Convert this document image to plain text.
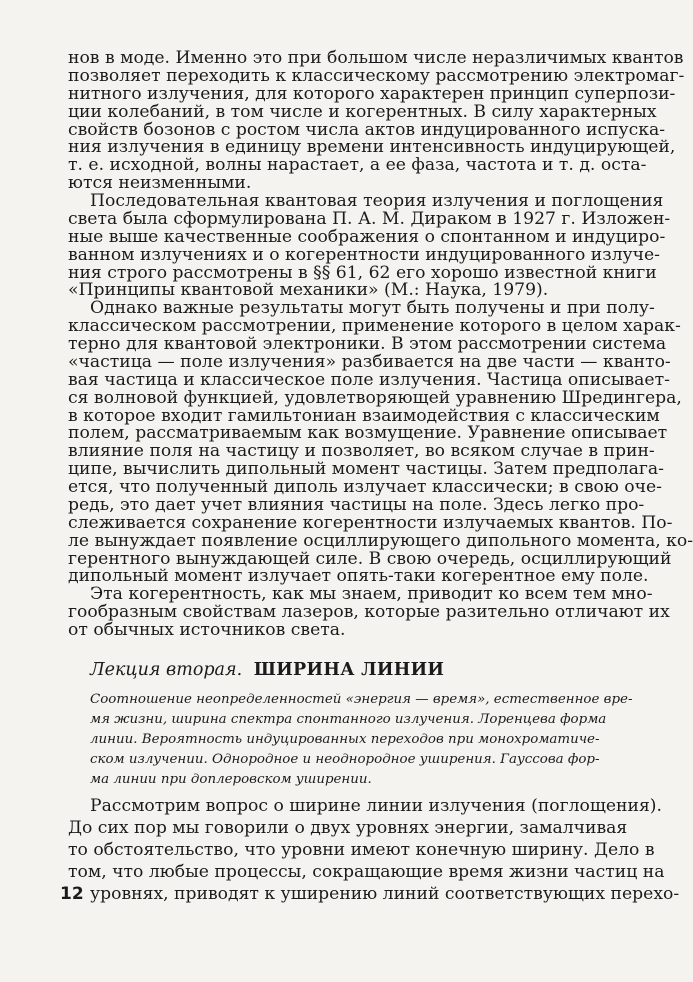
нов в моде. Именно это при большом числе неразличимых квантов
позволяет переходить к классическому рассмотрению электромаг-
нитного излучения, для которого характерен принцип суперпози-
ции колебаний, в том числе и когерентных. В силу характерных
свойств бозонов с ростом числа актов индуцированного испуска-
ния излучения в единицу времени интенсивность индуцирующей,
т. е. исходной, волны нарастает, а ее фаза, частота и т. д. оста-
ются неизменными.
Последовательная квантовая теория излучения и поглощения
света была сформулирована П. А. М. Дираком в 1927 г. Изложен-
ные выше качественные соображения о спонтанном и индуциро-
ванном излучениях и о когерентности индуцированного излуче-
ния строго рассмотрены в §§ 61, 62 его хорошо известной книги
«Принципы квантовой механики» (М.: Наука, 1979).
Однако важные результаты могут быть получены и при полу-
классическом рассмотрении, применение которого в целом харак-
терно для квантовой электроники. В этом рассмотрении система
«частица — поле излучения» разбивается на две части — кванто-
вая частица и классическое поле излучения. Частица описывает-
ся волновой функцией, удовлетворяющей уравнению Шредингера,
в которое входит гамильтониан взаимодействия с классическим
полем, рассматриваемым как возмущение. Уравнение описывает
влияние поля на частицу и позволяет, во всяком случае в прин-
ципе, вычислить дипольный момент частицы. Затем предполага-
ется, что полученный диполь излучает классически; в свою оче-
редь, это дает учет влияния частицы на поле. Здесь легко про-
слеживается сохранение когерентности излучаемых квантов. По-
ле вынуждает появление осциллирующего дипольного момента, ко-
герентного вынуждающей силе. В свою очередь, осциллирующий
дипольный момент излучает опять-таки когерентное ему поле.
Эта когерентность, как мы знаем, приводит ко всем тем мно-
гообразным свойствам лазеров, которые разительно отличают их
от обычных источников света.
Лекция вторая. ШИРИНА ЛИНИИ
Соотношение неопределенностей «энергия — время», естественное вре-
мя жизни, ширина спектра спонтанного излучения. Лоренцева форма
линии. Вероятность индуцированных переходов при монохроматиче-
ском излучении. Однородное и неоднородное уширения. Гауссова фор-
ма линии при доплеровском уширении.
Рассмотрим вопрос о ширине линии излучения (поглощения).
До сих пор мы говорили о двух уровнях энергии, замалчивая
то обстоятельство, что уровни имеют конечную ширину. Дело в
том, что любые процессы, сокращающие время жизни частиц на
уровнях, приводят к уширению линий соответствующих перехо-
12
